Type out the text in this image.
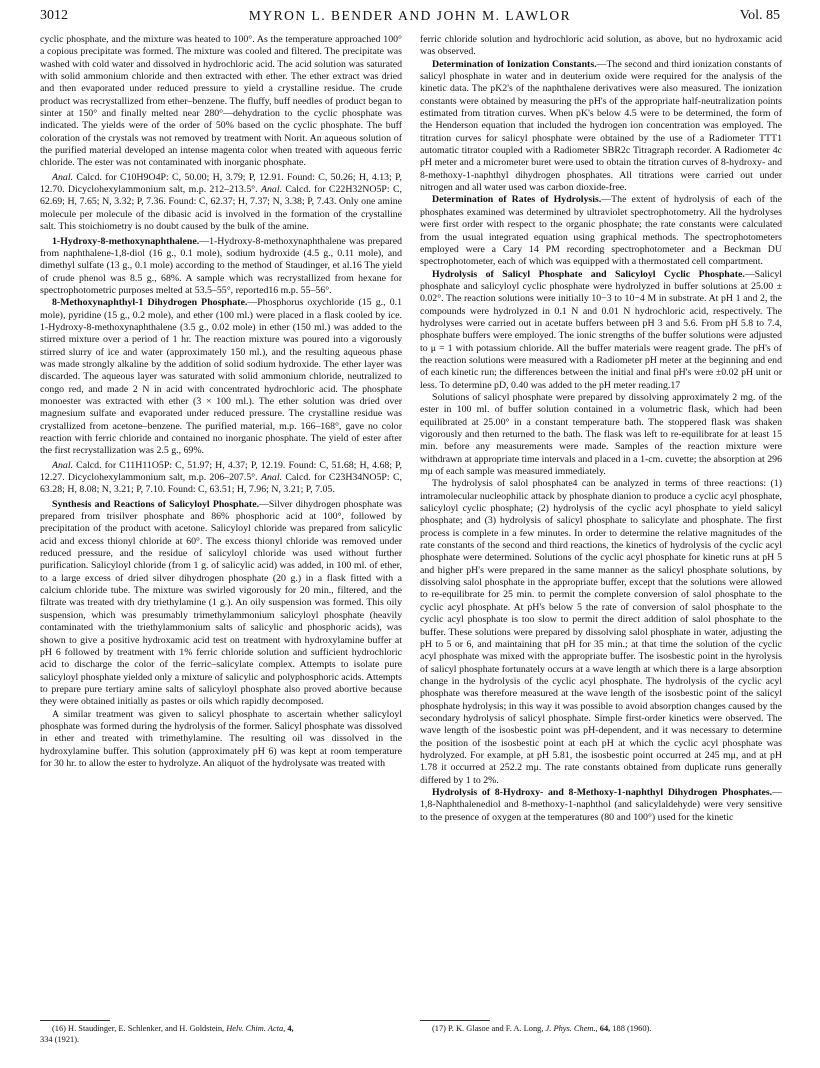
3012	MYRON L. BENDER AND JOHN M. LAWLOR	Vol. 85

cyclic phosphate, and the mixture was heated to 100°. As the temperature approached 100° a copious precipitate was formed. The mixture was cooled and filtered. The precipitate was washed with cold water and dissolved in hydrochloric acid. The acid solution was saturated with solid ammonium chloride and then extracted with ether. The ether extract was dried and then evaporated under reduced pressure to yield a crystalline residue. The crude product was recrystallized from ether–benzene. The fluffy, buff needles of product began to sinter at 150° and finally melted near 280°—dehydration to the cyclic phosphate was indicated. The yields were of the order of 50% based on the cyclic phosphate. The buff coloration of the crystals was not removed by treatment with Norit. An aqueous solution of the purified material developed an intense magenta color when treated with aqueous ferric chloride. The ester was not contaminated with inorganic phosphate.

Anal. Calcd. for C10H9O4P: C, 50.00; H, 3.79; P, 12.91. Found: C, 50.26; H, 4.13; P, 12.70. Dicyclohexylammonium salt, m.p. 212–213.5°. Anal. Calcd. for C22H32NO5P: C, 62.69; H, 7.65; N, 3.32; P, 7.36. Found: C, 62.37; H, 7.37; N, 3.38; P, 7.43. Only one amine molecule per molecule of the dibasic acid is involved in the formation of the crystalline salt. This stoichiometry is no doubt caused by the bulk of the amine.

1-Hydroxy-8-methoxynaphthalene.—1-Hydroxy-8-methoxynaphthalene was prepared from naphthalene-1,8-diol (16 g., 0.1 mole), sodium hydroxide (4.5 g., 0.11 mole), and dimethyl sulfate (13 g., 0.1 mole) according to the method of Staudinger, et al.16 The yield of crude phenol was 8.5 g., 68%. A sample which was recrystallized from hexane for spectrophotometric purposes melted at 53.5–55°, reported16 m.p. 55–56°.

8-Methoxynaphthyl-1 Dihydrogen Phosphate.—Phosphorus oxychloride (15 g., 0.1 mole), pyridine (15 g., 0.2 mole), and ether (100 ml.) were placed in a flask cooled by ice. 1-Hydroxy-8-methoxynaphthalene (3.5 g., 0.02 mole) in ether (150 ml.) was added to the stirred mixture over a period of 1 hr. The reaction mixture was poured into a vigorously stirred slurry of ice and water (approximately 150 ml.), and the resulting aqueous phase was made strongly alkaline by the addition of solid sodium hydroxide. The ether layer was discarded. The aqueous layer was saturated with solid ammonium chloride, neutralized to congo red, and made 2 N in acid with concentrated hydrochloric acid. The phosphate monoester was extracted with ether (3 × 100 ml.). The ether solution was dried over magnesium sulfate and evaporated under reduced pressure. The crystalline residue was crystallized from acetone–benzene. The purified material, m.p. 166–168°, gave no color reaction with ferric chloride and contained no inorganic phosphate. The yield of ester after the first recrystallization was 2.5 g., 69%.

Anal. Calcd. for C11H11O5P: C, 51.97; H, 4.37; P, 12.19. Found: C, 51.68; H, 4.68; P, 12.27. Dicyclohexylammonium salt, m.p. 206–207.5°. Anal. Calcd. for C23H34NO5P: C, 63.28; H, 8.08; N, 3.21; P, 7.10. Found: C, 63.51; H, 7.96; N, 3.21; P, 7.05.

Synthesis and Reactions of Salicyloyl Phosphate.—Silver dihydrogen phosphate was prepared from trisilver phosphate and 86% phosphoric acid at 100°, followed by precipitation of the product with acetone. Salicyloyl chloride was prepared from salicylic acid and excess thionyl chloride at 60°. The excess thionyl chloride was removed under reduced pressure, and the residue of salicyloyl chloride was used without further purification. Salicyloyl chloride (from 1 g. of salicylic acid) was added, in 100 ml. of ether, to a large excess of dried silver dihydrogen phosphate (20 g.) in a flask fitted with a calcium chloride tube. The mixture was swirled vigorously for 20 min., filtered, and the filtrate was treated with dry triethylamine (1 g.). An oily suspension was formed. This oily suspension, which was presumably trimethylammonium salicyloyl phosphate (heavily contaminated with the triethylammonium salts of salicylic and phosphoric acids), was shown to give a positive hydroxamic acid test on treatment with hydroxylamine buffer at pH 6 followed by treatment with 1% ferric chloride solution and sufficient hydrochloric acid to discharge the color of the ferric–salicylate complex. Attempts to isolate pure salicyloyl phosphate yielded only a mixture of salicylic and polyphosphoric acids. Attempts to prepare pure tertiary amine salts of salicyloyl phosphate also proved abortive because they were obtained initially as pastes or oils which rapidly decomposed.

A similar treatment was given to salicyl phosphate to ascertain whether salicyloyl phosphate was formed during the hydrolysis of the former. Salicyl phosphate was dissolved in ether and treated with trimethylamine. The resulting oil was dissolved in the hydroxylamine buffer. This solution (approximately pH 6) was kept at room temperature for 30 hr. to allow the ester to hydrolyze. An aliquot of the hydrolysate was treated with

ferric chloride solution and hydrochloric acid solution, as above, but no hydroxamic acid was observed.

Determination of Ionization Constants.—The second and third ionization constants of salicyl phosphate in water and in deuterium oxide were required for the analysis of the kinetic data. The pK2's of the naphthalene derivatives were also measured. The ionization constants were obtained by measuring the pH's of the appropriate half-neutralization points estimated from titration curves. When pK's below 4.5 were to be determined, the form of the Henderson equation that included the hydrogen ion concentration was employed. The titration curves for salicyl phosphate were obtained by the use of a Radiometer TTT1 automatic titrator coupled with a Radiometer SBR2c Titragraph recorder. A Radiometer 4c pH meter and a micrometer buret were used to obtain the titration curves of 8-hydroxy- and 8-methoxy-1-naphthyl dihydrogen phosphates. All titrations were carried out under nitrogen and all water used was carbon dioxide-free.

Determination of Rates of Hydrolysis.—The extent of hydrolysis of each of the phosphates examined was determined by ultraviolet spectrophotometry. All the hydrolyses were first order with respect to the organic phosphate; the rate constants were calculated from the usual integrated equation using graphical methods. The spectrophotometers employed were a Cary 14 PM recording spectrophotometer and a Beckman DU spectrophotometer, each of which was equipped with a thermostated cell compartment.

Hydrolysis of Salicyl Phosphate and Salicyloyl Cyclic Phosphate.—Salicyl phosphate and salicyloyl cyclic phosphate were hydrolyzed in buffer solutions at 25.00 ± 0.02°. The reaction solutions were initially 10−3 to 10−4 M in substrate. At pH 1 and 2, the compounds were hydrolyzed in 0.1 N and 0.01 N hydrochloric acid, respectively. The hydrolyses were carried out in acetate buffers between pH 3 and 5.6. From pH 5.8 to 7.4, phosphate buffers were employed. The ionic strengths of the buffer solutions were adjusted to μ = 1 with potassium chloride. All the buffer materials were reagent grade. The pH's of the reaction solutions were measured with a Radiometer pH meter at the beginning and end of each kinetic run; the differences between the initial and final pH's were ±0.02 pH unit or less. To determine pD, 0.40 was added to the pH meter reading.17

Solutions of salicyl phosphate were prepared by dissolving approximately 2 mg. of the ester in 100 ml. of buffer solution contained in a volumetric flask, which had been equilibrated at 25.00° in a constant temperature bath. The stoppered flask was shaken vigorously and then returned to the bath. The flask was left to re-equilibrate for at least 15 min. before any measurements were made. Samples of the reaction mixture were withdrawn at appropriate time intervals and placed in a 1-cm. cuvette; the absorption at 296 mμ of each sample was measured immediately.

The hydrolysis of salol phosphate4 can be analyzed in terms of three reactions: (1) intramolecular nucleophilic attack by phosphate dianion to produce a cyclic acyl phosphate, salicyloyl cyclic phosphate; (2) hydrolysis of the cyclic acyl phosphate to yield salicyl phosphate; and (3) hydrolysis of salicyl phosphate to salicylate and phosphate. The first process is complete in a few minutes. In order to determine the relative magnitudes of the rate constants of the second and third reactions, the kinetics of hydrolysis of the cyclic acyl phosphate were determined. Solutions of the cyclic acyl phosphate for kinetic runs at pH 5 and higher pH's were prepared in the same manner as the salicyl phosphate solutions, by dissolving salol phosphate in the appropriate buffer, except that the solutions were allowed to re-equilibrate for 25 min. to permit the complete conversion of salol phosphate to the cyclic acyl phosphate. At pH's below 5 the rate of conversion of salol phosphate to the cyclic acyl phosphate is too slow to permit the direct addition of salol phosphate to the buffer. These solutions were prepared by dissolving salol phosphate in water, adjusting the pH to 5 or 6, and maintaining that pH for 35 min.; at that time the solution of the cyclic acyl phosphate was mixed with the appropriate buffer. The isosbestic point in the hyrolysis of salicyl phosphate fortunately occurs at a wave length at which there is a large absorption change in the hydrolysis of the cyclic acyl phosphate. The hydrolysis of the cyclic acyl phosphate was therefore measured at the wave length of the isosbestic point of the salicyl phosphate hydrolysis; in this way it was possible to avoid absorption changes caused by the secondary hydrolysis of salicyl phosphate. Simple first-order kinetics were observed. The wave length of the isosbestic point was pH-dependent, and it was necessary to determine the position of the isosbestic point at each pH at which the cyclic acyl phosphate was hydrolyzed. For example, at pH 5.81, the isosbestic point occurred at 245 mμ, and at pH 1.78 it occurred at 252.2 mμ. The rate constants obtained from duplicate runs generally differed by 1 to 2%.

Hydrolysis of 8-Hydroxy- and 8-Methoxy-1-naphthyl Dihydrogen Phosphates.—1,8-Naphthalenediol and 8-methoxy-1-naphthol (and salicylaldehyde) were very sensitive to the presence of oxygen at the temperatures (80 and 100°) used for the kinetic

(16) H. Staudinger, E. Schlenker, and H. Goldstein, Helv. Chim. Acta, 4,
334 (1921).
(17) P. K. Glasoe and F. A. Long, J. Phys. Chem., 64, 188 (1960).
